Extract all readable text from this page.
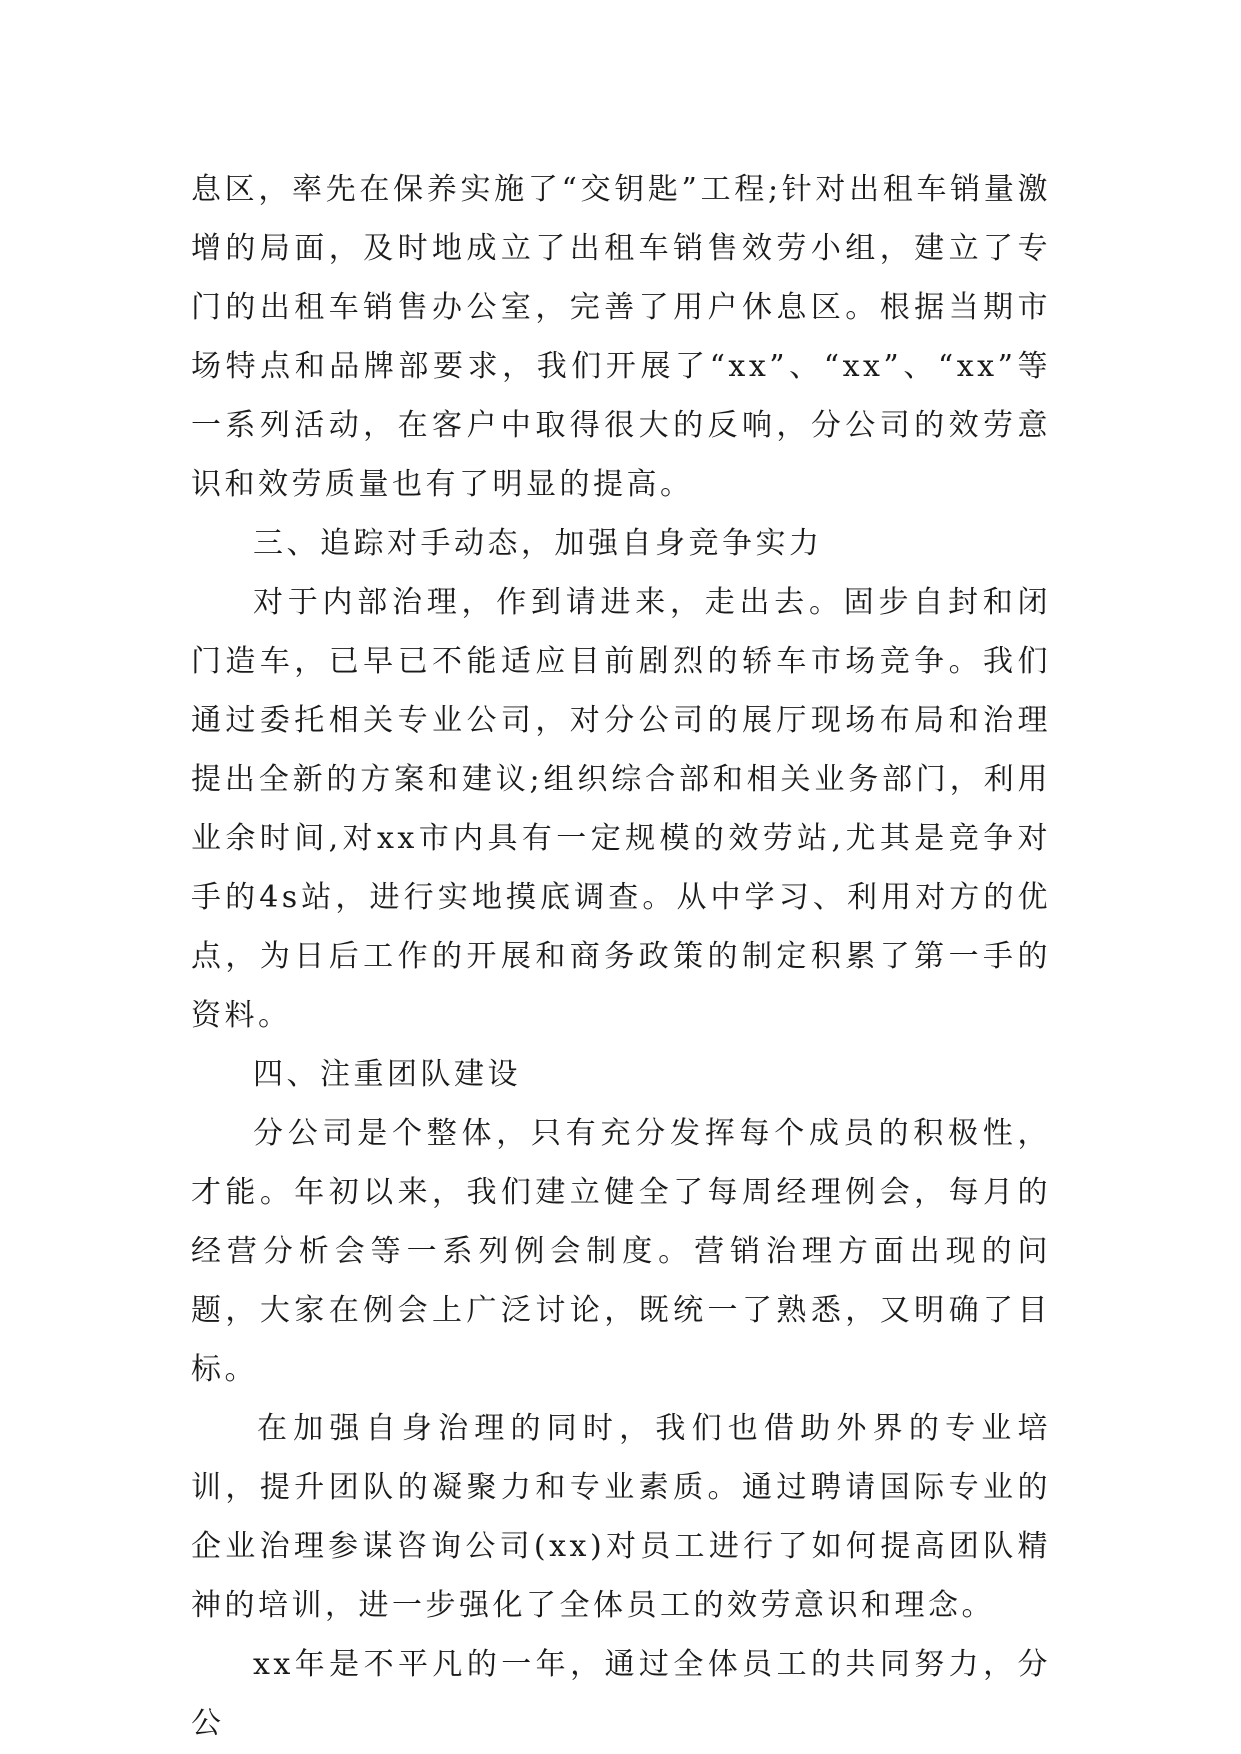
息区，率先在保养实施了“交钥匙”工程;针对出租车销量激增的局面，及时地成立了出租车销售效劳小组，建立了专门的出租车销售办公室，完善了用户休息区。根据当期市场特点和品牌部要求，我们开展了“xx”、“xx”、“xx”等一系列活动，在客户中取得很大的反响，分公司的效劳意识和效劳质量也有了明显的提高。

三、追踪对手动态，加强自身竞争实力

对于内部治理，作到请进来，走出去。固步自封和闭门造车，已早已不能适应目前剧烈的轿车市场竞争。我们通过委托相关专业公司，对分公司的展厅现场布局和治理提出全新的方案和建议;组织综合部和相关业务部门，利用业余时间,对xx市内具有一定规模的效劳站,尤其是竞争对手的4s站，进行实地摸底调查。从中学习、利用对方的优点，为日后工作的开展和商务政策的制定积累了第一手的资料。

四、注重团队建设

分公司是个整体，只有充分发挥每个成员的积极性，才能。年初以来，我们建立健全了每周经理例会，每月的经营分析会等一系列例会制度。营销治理方面出现的问题，大家在例会上广泛讨论，既统一了熟悉，又明确了目标。

在加强自身治理的同时，我们也借助外界的专业培训，提升团队的凝聚力和专业素质。通过聘请国际专业的企业治理参谋咨询公司(xx)对员工进行了如何提高团队精神的培训，进一步强化了全体员工的效劳意识和理念。

xx年是不平凡的一年，通过全体员工的共同努力，分公
